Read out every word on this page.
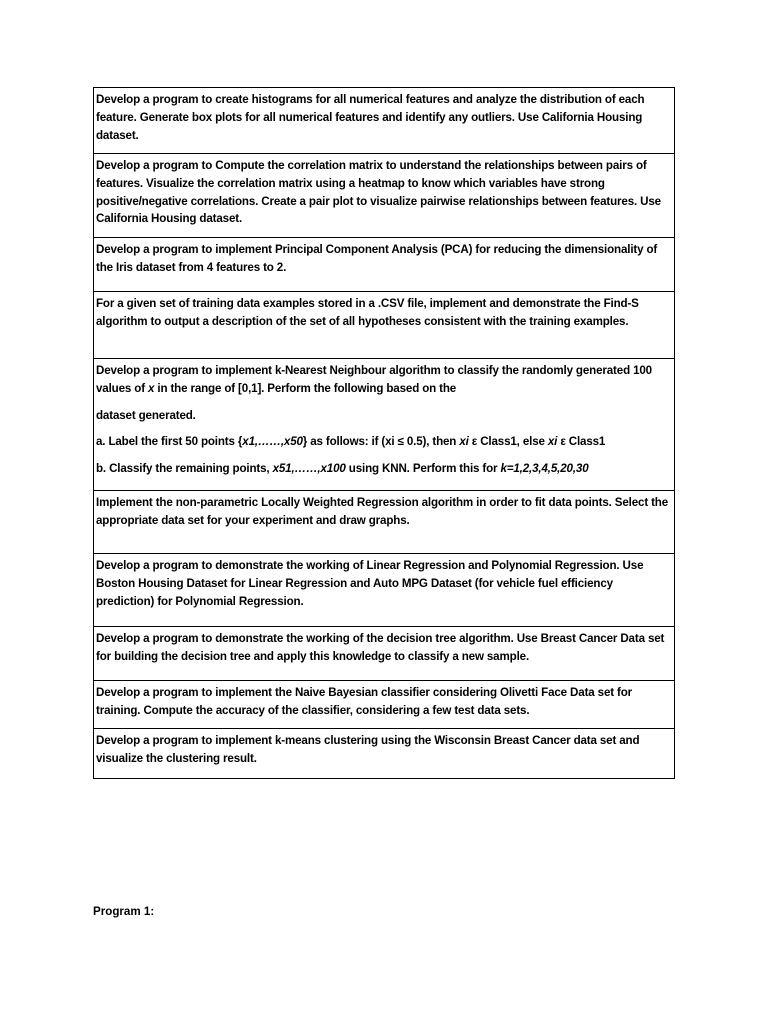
Develop a program to create histograms for all numerical features and analyze the distribution of each feature. Generate box plots for all numerical features and identify any outliers. Use California Housing dataset.

Develop a program to Compute the correlation matrix to understand the relationships between pairs of features. Visualize the correlation matrix using a heatmap to know which variables have strong positive/negative correlations. Create a pair plot to visualize pairwise relationships between features. Use California Housing dataset.

Develop a program to implement Principal Component Analysis (PCA) for reducing the dimensionality of the Iris dataset from 4 features to 2.

For a given set of training data examples stored in a .CSV file, implement and demonstrate the Find-S algorithm to output a description of the set of all hypotheses consistent with the training examples.

Develop a program to implement k-Nearest Neighbour algorithm to classify the randomly generated 100 values of x in the range of [0,1]. Perform the following based on the

dataset generated.

a. Label the first 50 points {x1,……,x50} as follows: if (xi ≤ 0.5), then xi ε Class1, else xi ε Class1

b. Classify the remaining points, x51,……,x100 using KNN. Perform this for k=1,2,3,4,5,20,30

Implement the non-parametric Locally Weighted Regression algorithm in order to fit data points. Select the appropriate data set for your experiment and draw graphs.

Develop a program to demonstrate the working of Linear Regression and Polynomial Regression. Use Boston Housing Dataset for Linear Regression and Auto MPG Dataset (for vehicle fuel efficiency prediction) for Polynomial Regression.

Develop a program to demonstrate the working of the decision tree algorithm. Use Breast Cancer Data set for building the decision tree and apply this knowledge to classify a new sample.

Develop a program to implement the Naive Bayesian classifier considering Olivetti Face Data set for training. Compute the accuracy of the classifier, considering a few test data sets.

Develop a program to implement k-means clustering using the Wisconsin Breast Cancer data set and visualize the clustering result.

Program 1:
